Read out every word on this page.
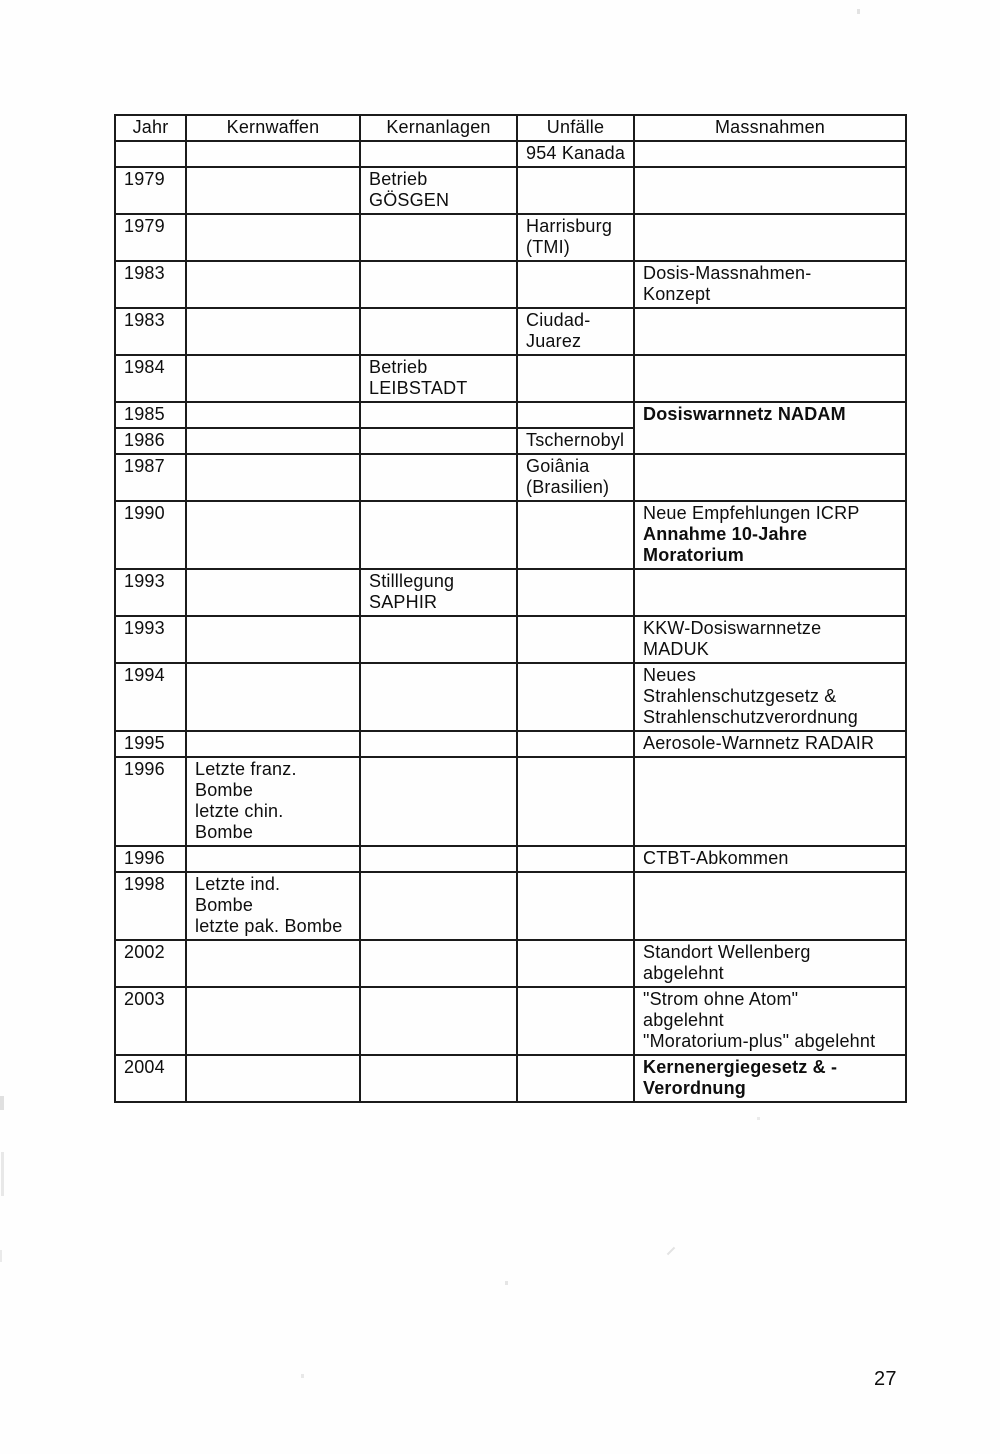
Jahr	Kernwaffen	Kernanlagen	Unfälle	Massnahmen
			954 Kanada	
1979		Betrieb
GÖSGEN		

1979			Harrisburg
(TMI)	

1983				Dosis-Massnahmen-
Konzept

1983			Ciudad-
Juarez	

1984		Betrieb
LEIBSTADT		

1985				Dosiswarnnetz NADAM

1986			Tschernobyl	
1987			Goiânia
(Brasilien)	

1990				Neue Empfehlungen ICRP
Annahme 10-Jahre
Moratorium

1993		Stilllegung
SAPHIR		

1993				KKW-Dosiswarnnetze
MADUK

1994				Neues
Strahlenschutzgesetz &
Strahlenschutzverordnung

1995				Aerosole-Warnnetz RADAIR
1996	Letzte franz.
Bombe
letzte chin.
Bombe			

1996				CTBT-Abkommen
1998	Letzte ind.
Bombe
letzte pak. Bombe			

2002				Standort Wellenberg
abgelehnt

2003				"Strom ohne Atom"
abgelehnt
"Moratorium-plus" abgelehnt

2004				Kernenergiegesetz & -
Verordnung
27
